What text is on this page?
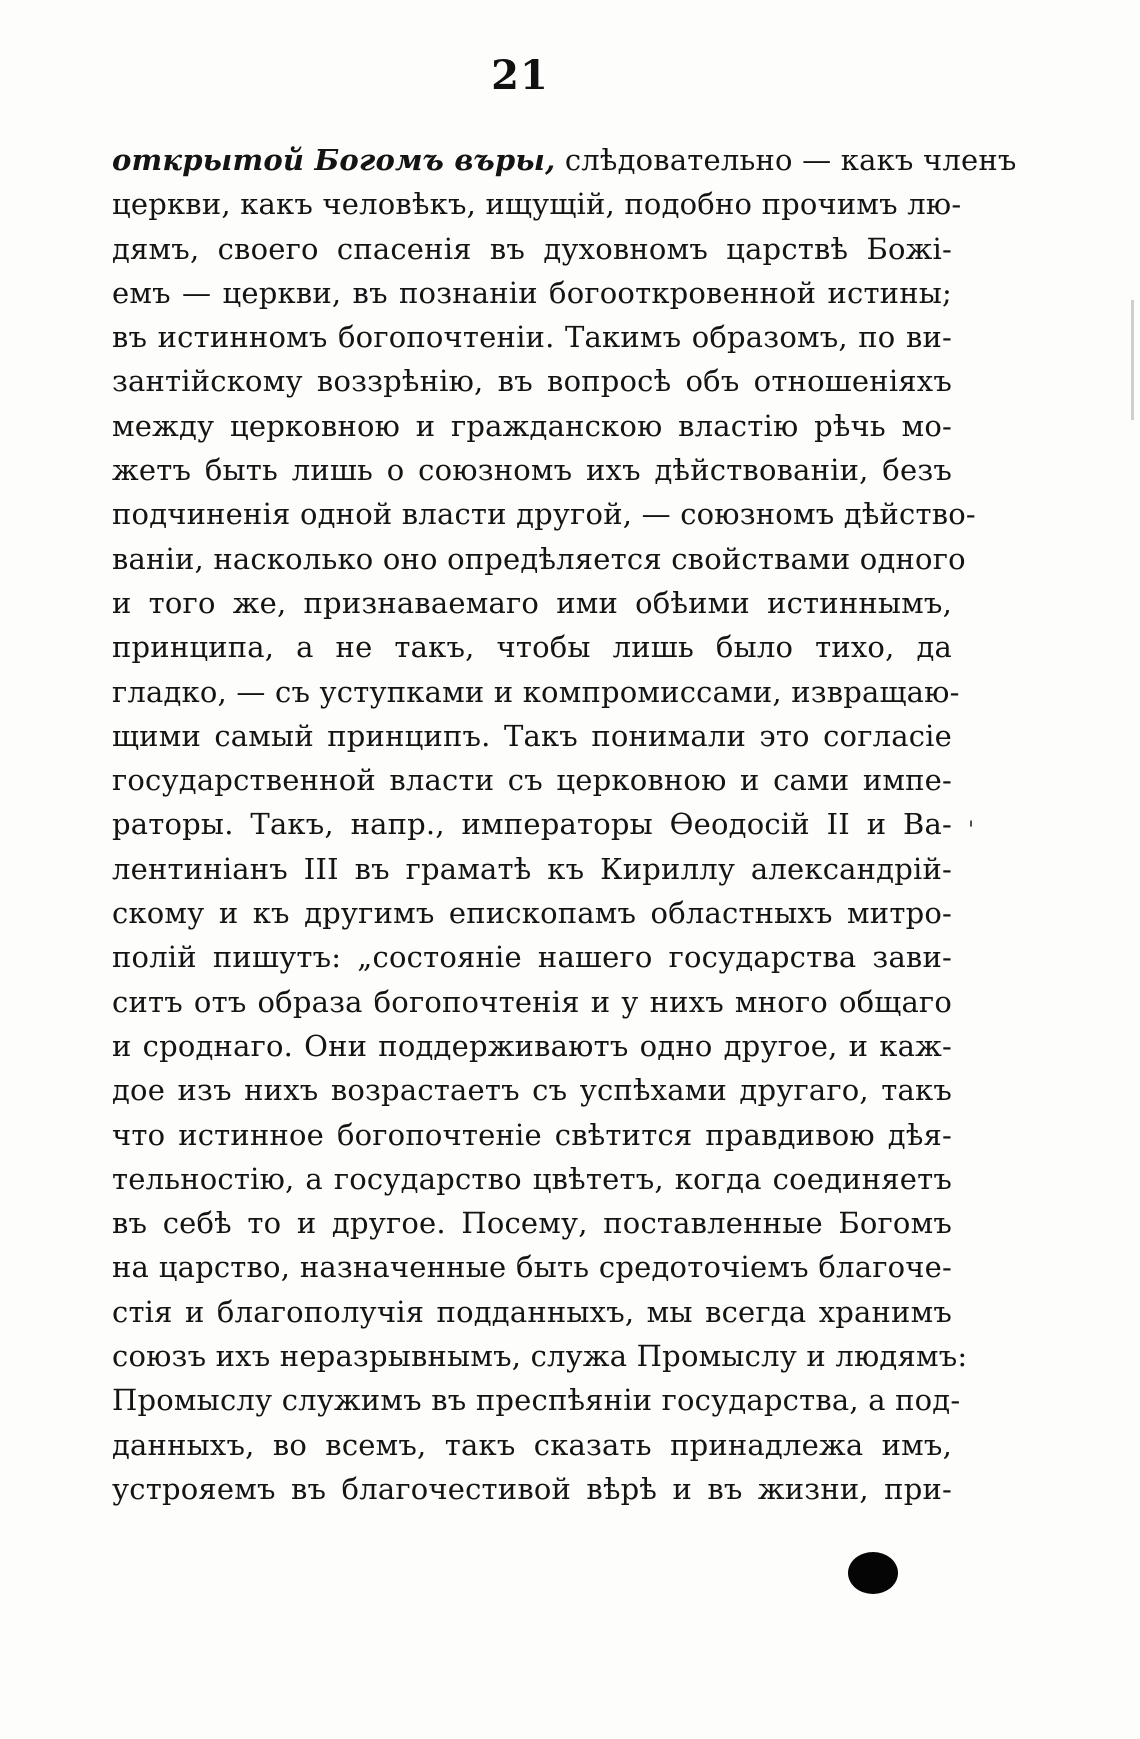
21
'
открытой Богомъ въры, слѣдовательно — какъ членъ
церкви, какъ человѣкъ, ищущій, подобно прочимъ лю-
дямъ, своего спасенія въ духовномъ царствѣ Божі-
емъ — церкви, въ познаніи богооткровенной истины;
въ истинномъ богопочтеніи. Такимъ образомъ, по ви-
зантійскому воззрѣнію, въ вопросѣ объ отношеніяхъ
между церковною и гражданскою властію рѣчь мо-
жетъ быть лишь о союзномъ ихъ дѣйствованіи, безъ
подчиненія одной власти другой, — союзномъ дѣйство-
ваніи, насколько оно опредѣляется свойствами одного
и того же, признаваемаго ими обѣими истиннымъ,
принципа, а не такъ, чтобы лишь было тихо, да
гладко, — съ уступками и компромиссами, извращаю-
щими самый принципъ. Такъ понимали это согласіе
государственной власти съ церковною и сами импе-
раторы. Такъ, напр., императоры Өеодосій II и Ва-
лентиніанъ III въ граматѣ къ Кириллу александрій-
скому и къ другимъ епископамъ областныхъ митро-
полій пишутъ: „состояніе нашего государства зави-
ситъ отъ образа богопочтенія и у нихъ много общаго
и сроднаго. Они поддерживаютъ одно другое, и каж-
дое изъ нихъ возрастаетъ съ успѣхами другаго, такъ
что истинное богопочтеніе свѣтится правдивою дѣя-
тельностію, а государство цвѣтетъ, когда соединяетъ
въ себѣ то и другое. Посему, поставленные Богомъ
на царство, назначенные быть средоточіемъ благоче-
стія и благополучія подданныхъ, мы всегда хранимъ
союзъ ихъ неразрывнымъ, служа Промыслу и людямъ:
Промыслу служимъ въ преспѣяніи государства, а под-
данныхъ, во всемъ, такъ сказать принадлежа имъ,
устрояемъ въ благочестивой вѣрѣ и въ жизни, при-
